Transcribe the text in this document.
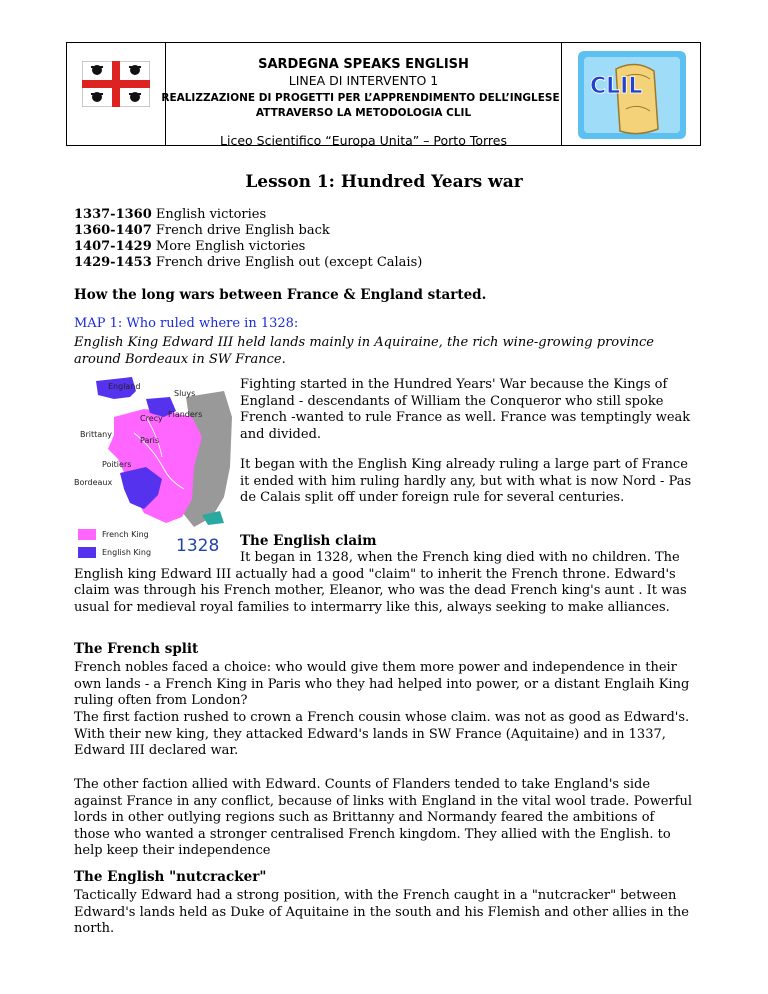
SARDEGNA SPEAKS ENGLISH
LINEA DI INTERVENTO 1
REALIZZAZIONE DI PROGETTI PER L’APPRENDIMENTO DELL’INGLESE
ATTRAVERSO LA METODOLOGIA CLIL
Liceo Scientifico “Europa Unita” – Porto Torres
CLIL
Lesson 1: Hundred Years war
1337-1360 English victories
1360-1407 French drive English back
1407-1429 More English victories
1429-1453 French drive English out (except Calais)
How the long wars between France & England started.
MAP 1: Who ruled where in 1328:
English King Edward III held lands mainly in Aquiraine, the rich wine-growing province around Bordeaux in SW France.
England
Sluys
Crecy Flanders
Brittany
Paris
Poitiers
Bordeaux
French King
English King 1328
Fighting started in the Hundred Years' War because the Kings of England - descendants of William the Conqueror who still spoke French -wanted to rule France as well. France was temptingly weak and divided.
It began with the English King already ruling a large part of France it ended with him ruling hardly any, but with what is now Nord - Pas de Calais split off under foreign rule for several centuries.
The English claim
It began in 1328, when the French king died with no children. The English king Edward III actually had a good "claim" to inherit the French throne. Edward's claim was through his French mother, Eleanor, who was the dead French king's aunt . It was usual for medieval royal families to intermarry like this, always seeking to make alliances.
The French split
French nobles faced a choice: who would give them more power and independence in their own lands - a French King in Paris who they had helped into power, or a distant Englaih King ruling often from London?
The first faction rushed to crown a French cousin whose claim. was not as good as Edward's. With their new king, they attacked Edward's lands in SW France (Aquitaine) and in 1337, Edward III declared war.
The other faction allied with Edward. Counts of Flanders tended to take England's side against France in any conflict, because of links with England in the vital wool trade. Powerful lords in other outlying regions such as Brittanny and Normandy feared the ambitions of those who wanted a stronger centralised French kingdom. They allied with the English. to help keep their independence
The English "nutcracker"
Tactically Edward had a strong position, with the French caught in a "nutcracker" between Edward's lands held as Duke of Aquitaine in the south and his Flemish and other allies in the north.
